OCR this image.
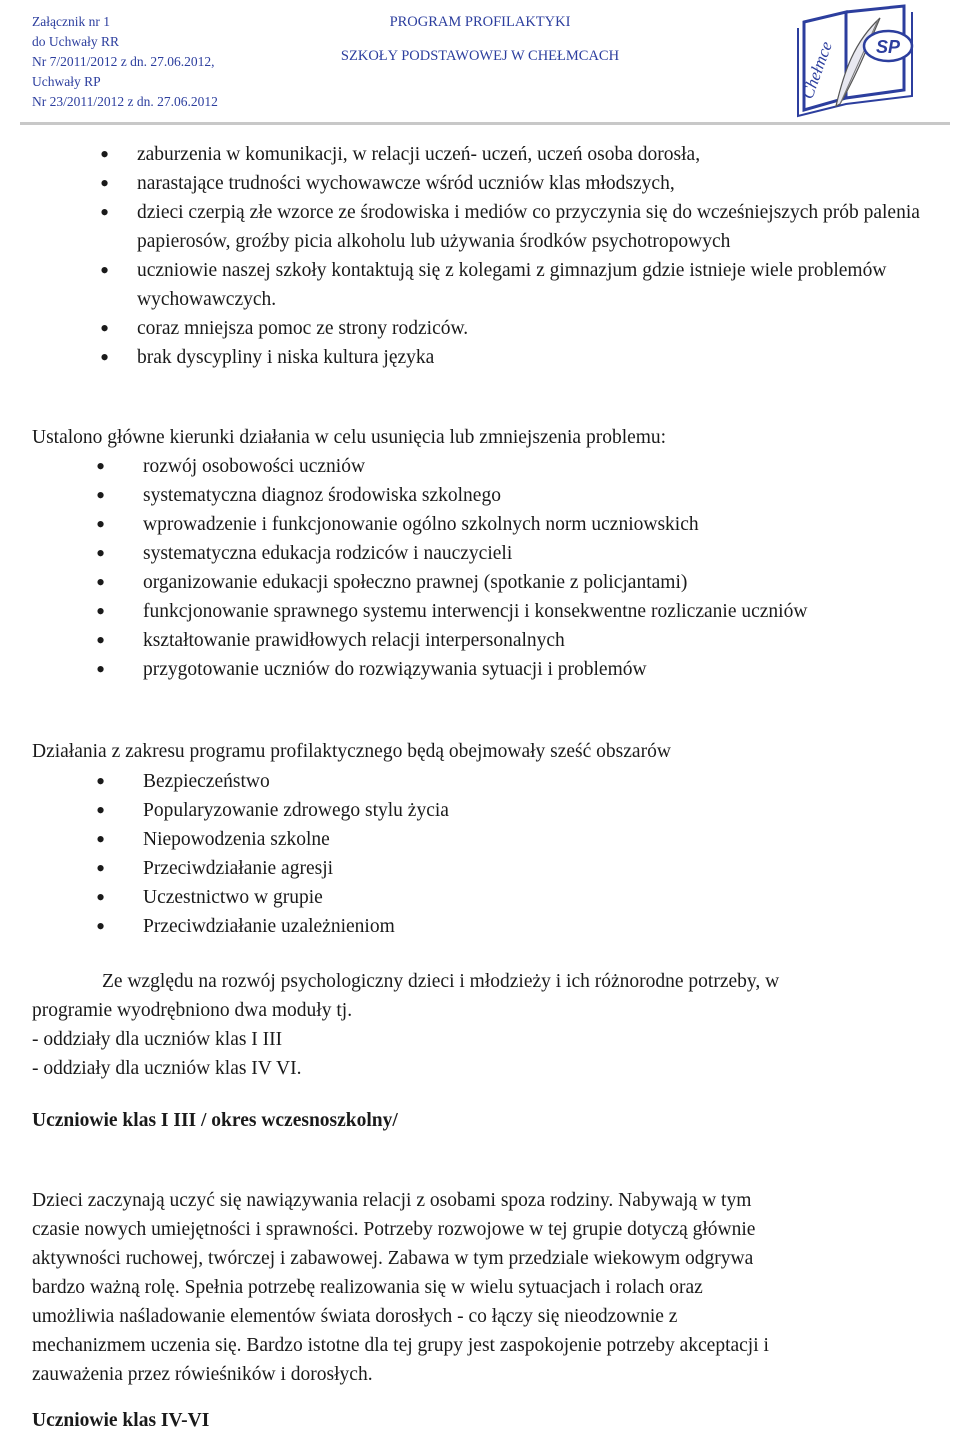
Załącznik nr 1
do Uchwały RR
Nr 7/2011/2012 z dn. 27.06.2012,
Uchwały RP
Nr 23/2011/2012 z dn. 27.06.2012
PROGRAM PROFILAKTYKI
SZKOŁY PODSTAWOWEJ W CHEŁMCACH	SP
Chełmce
• zaburzenia w komunikacji, w relacji uczeń- uczeń, uczeń osoba dorosła,
• narastające trudności wychowawcze wśród uczniów klas młodszych,
• dzieci czerpią złe wzorce ze środowiska i mediów co przyczynia się do wcześniejszych prób palenia papierosów, groźby picia alkoholu lub używania środków psychotropowych
• uczniowie naszej szkoły kontaktują się z kolegami z gimnazjum gdzie istnieje wiele problemów wychowawczych.
• coraz mniejsza pomoc ze strony rodziców.
• brak dyscypliny i niska kultura języka

Ustalono główne kierunki działania w celu usunięcia lub zmniejszenia problemu:

• rozwój osobowości uczniów
• systematyczna diagnoz środowiska szkolnego
• wprowadzenie i funkcjonowanie ogólno szkolnych norm uczniowskich
• systematyczna edukacja rodziców i nauczycieli
• organizowanie edukacji społeczno prawnej (spotkanie z policjantami)
• funkcjonowanie sprawnego systemu interwencji i konsekwentne rozliczanie uczniów
• kształtowanie prawidłowych relacji interpersonalnych
• przygotowanie uczniów do rozwiązywania sytuacji i problemów

Działania z zakresu programu profilaktycznego będą obejmowały sześć obszarów

• Bezpieczeństwo
• Popularyzowanie zdrowego stylu życia
• Niepowodzenia szkolne
• Przeciwdziałanie agresji
• Uczestnictwo w grupie
• Przeciwdziałanie uzależnieniom
Ze względu na rozwój psychologiczny dzieci i młodzieży i ich różnorodne potrzeby, w
programie wyodrębniono dwa moduły tj.
- oddziały dla uczniów klas I III
- oddziały dla uczniów klas IV VI.
Uczniowie klas I III / okres wczesnoszkolny/
Dzieci zaczynają uczyć się nawiązywania relacji z osobami spoza rodziny. Nabywają w tym
czasie nowych umiejętności i sprawności. Potrzeby rozwojowe w tej grupie dotyczą głównie
aktywności ruchowej, twórczej i zabawowej. Zabawa w tym przedziale wiekowym odgrywa
bardzo ważną rolę. Spełnia potrzebę realizowania się w wielu sytuacjach i rolach oraz
umożliwia naśladowanie elementów świata dorosłych - co łączy się nieodzownie z
mechanizmem uczenia się. Bardzo istotne dla tej grupy jest zaspokojenie potrzeby akceptacji i
zauważenia przez rówieśników i dorosłych.
Uczniowie klas IV-VI
